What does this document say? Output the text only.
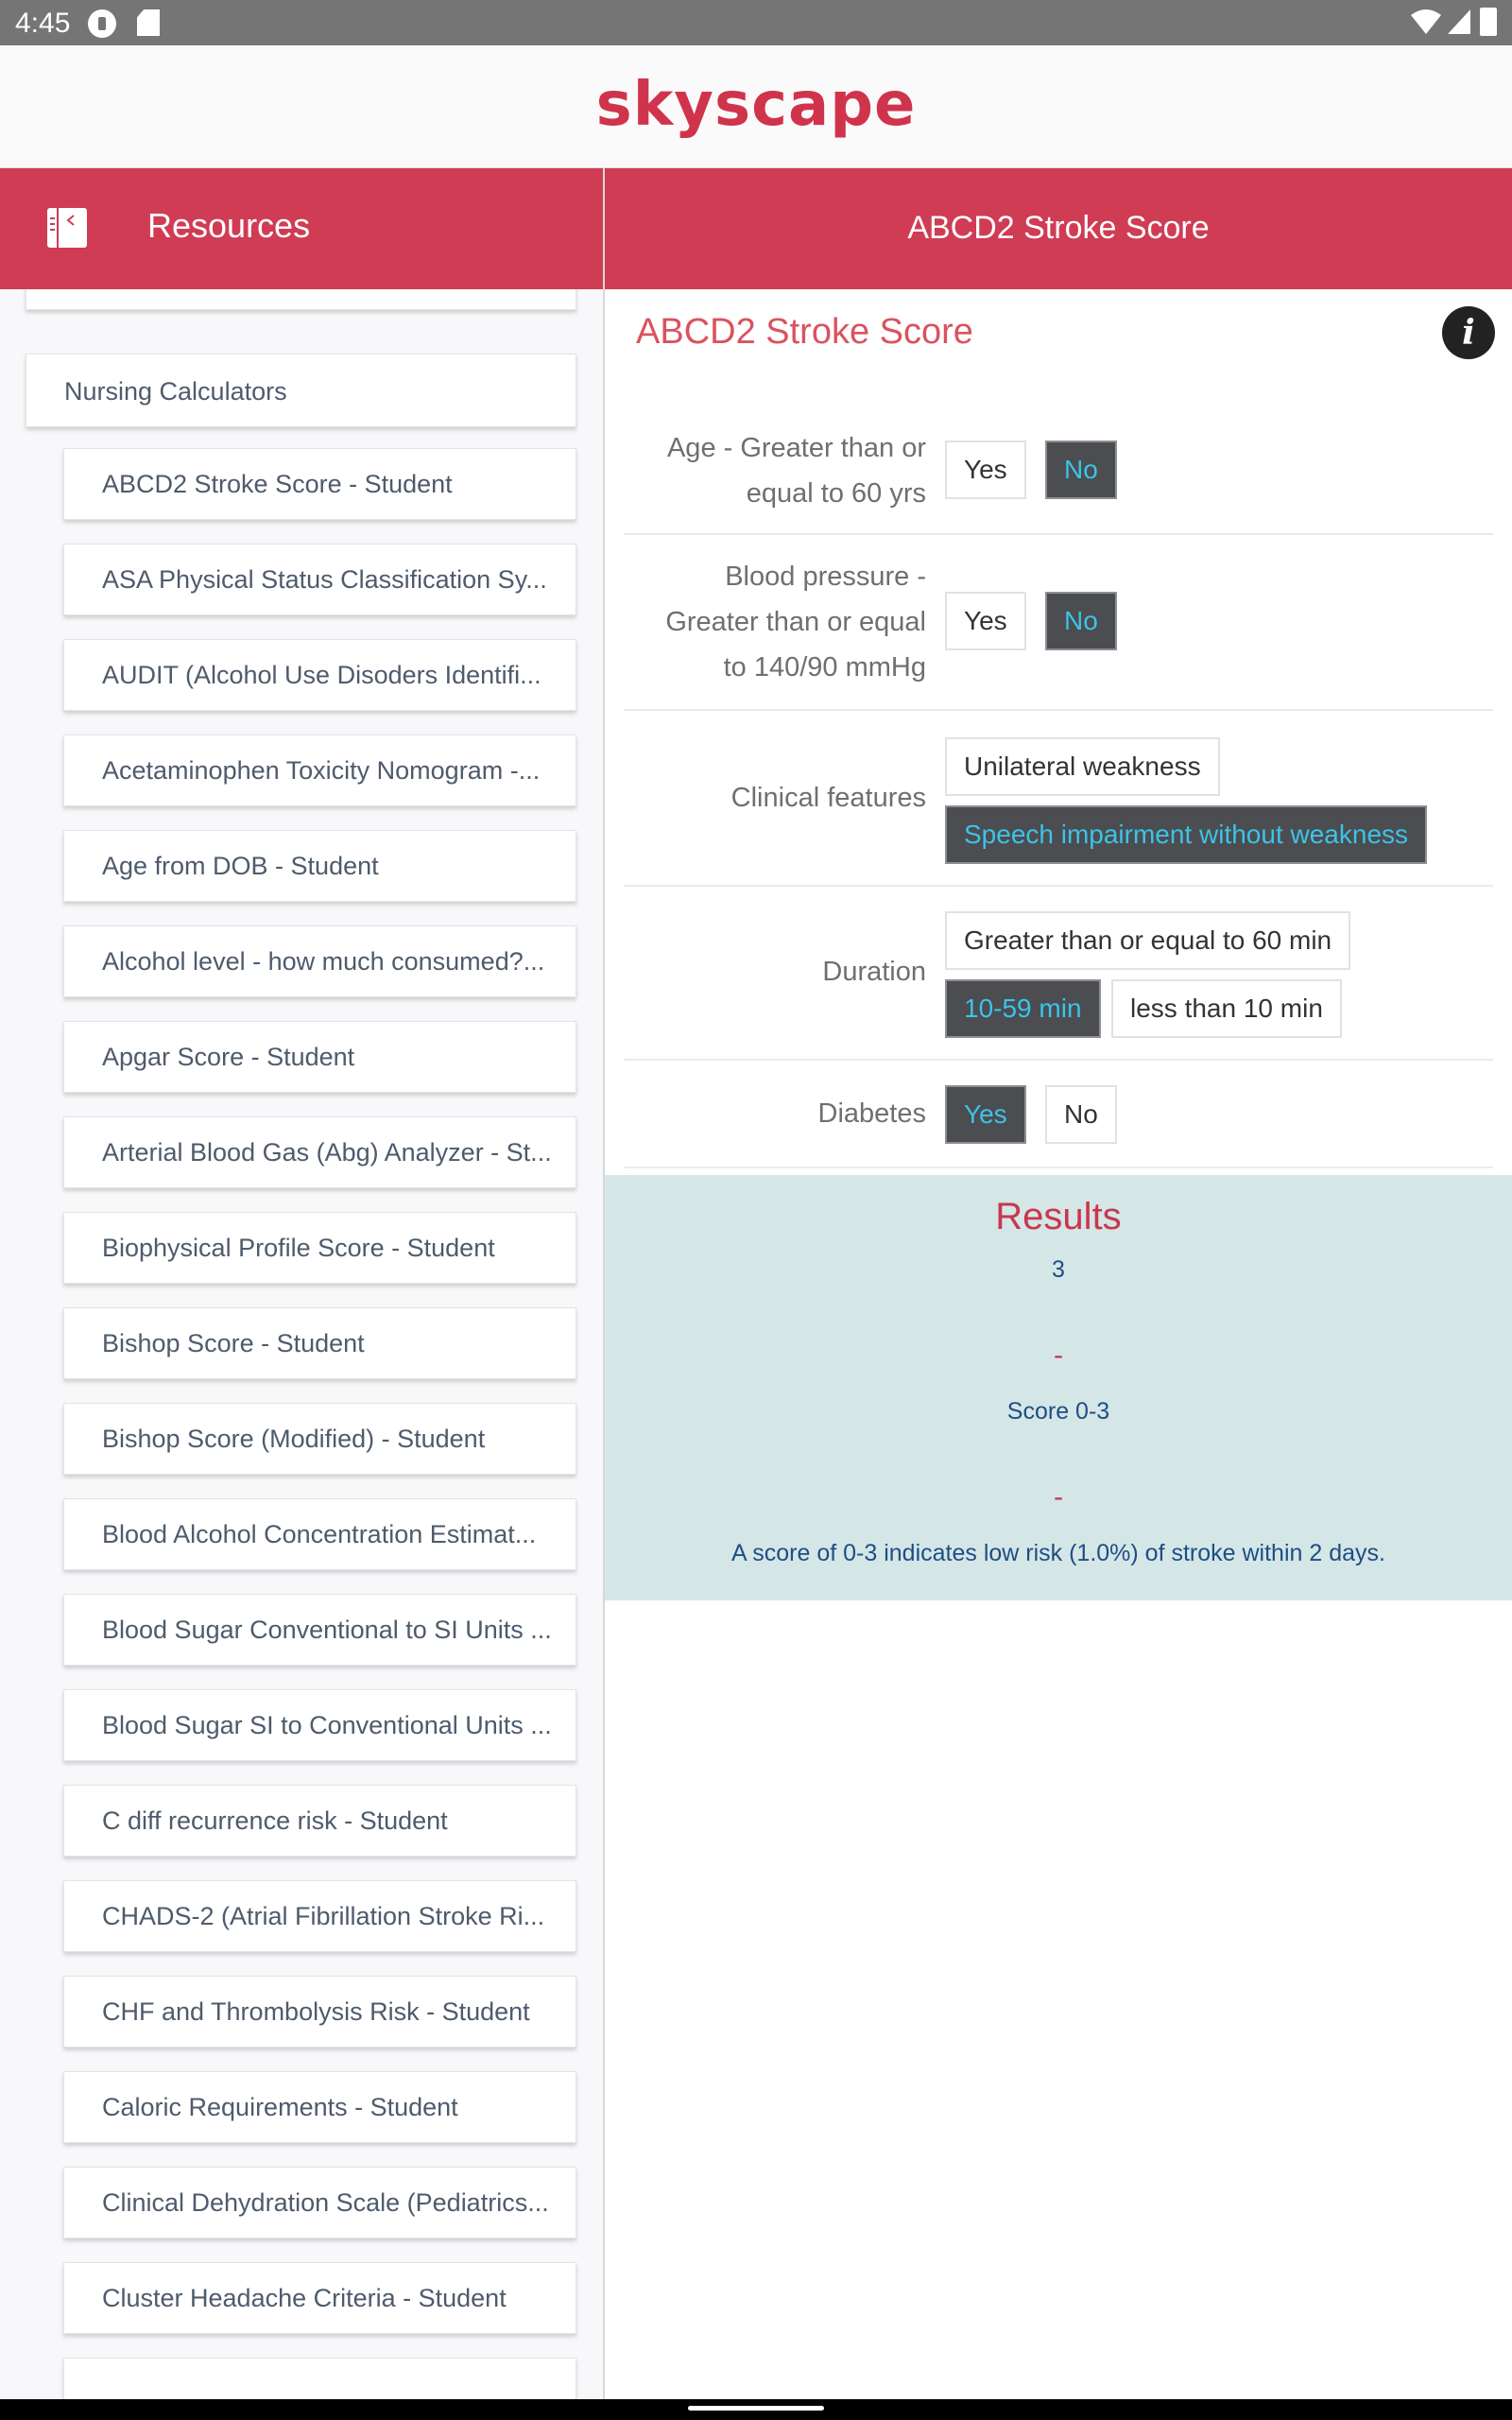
4:45
skyscape
Resources	ABCD2 Stroke Score
Nursing Calculators
ABCD2 Stroke Score - Student
ASA Physical Status Classification Sy...
AUDIT (Alcohol Use Disoders Identifi...
Acetaminophen Toxicity Nomogram -...
Age from DOB - Student
Alcohol level - how much consumed?...
Apgar Score - Student
Arterial Blood Gas (Abg) Analyzer - St...
Biophysical Profile Score - Student
Bishop Score - Student
Bishop Score (Modified) - Student
Blood Alcohol Concentration Estimat...
Blood Sugar Conventional to SI Units ...
Blood Sugar SI to Conventional Units ...
C diff recurrence risk - Student
CHADS-2 (Atrial Fibrillation Stroke Ri...
CHF and Thrombolysis Risk - Student
Caloric Requirements - Student
Clinical Dehydration Scale (Pediatrics...
Cluster Headache Criteria - Student
ABCD2 Stroke Score	i
Age - Greater than or
equal to 60 yrs
Yes	No
Blood pressure -
Greater than or equal
to 140/90 mmHg
Yes	No
Clinical features
Unilateral weakness
Speech impairment without weakness
Duration
Greater than or equal to 60 min
10-59 min	less than 10 min
Diabetes	Yes	No
Results
3
-
Score 0-3
-
A score of 0-3 indicates low risk (1.0%) of stroke within 2 days.
